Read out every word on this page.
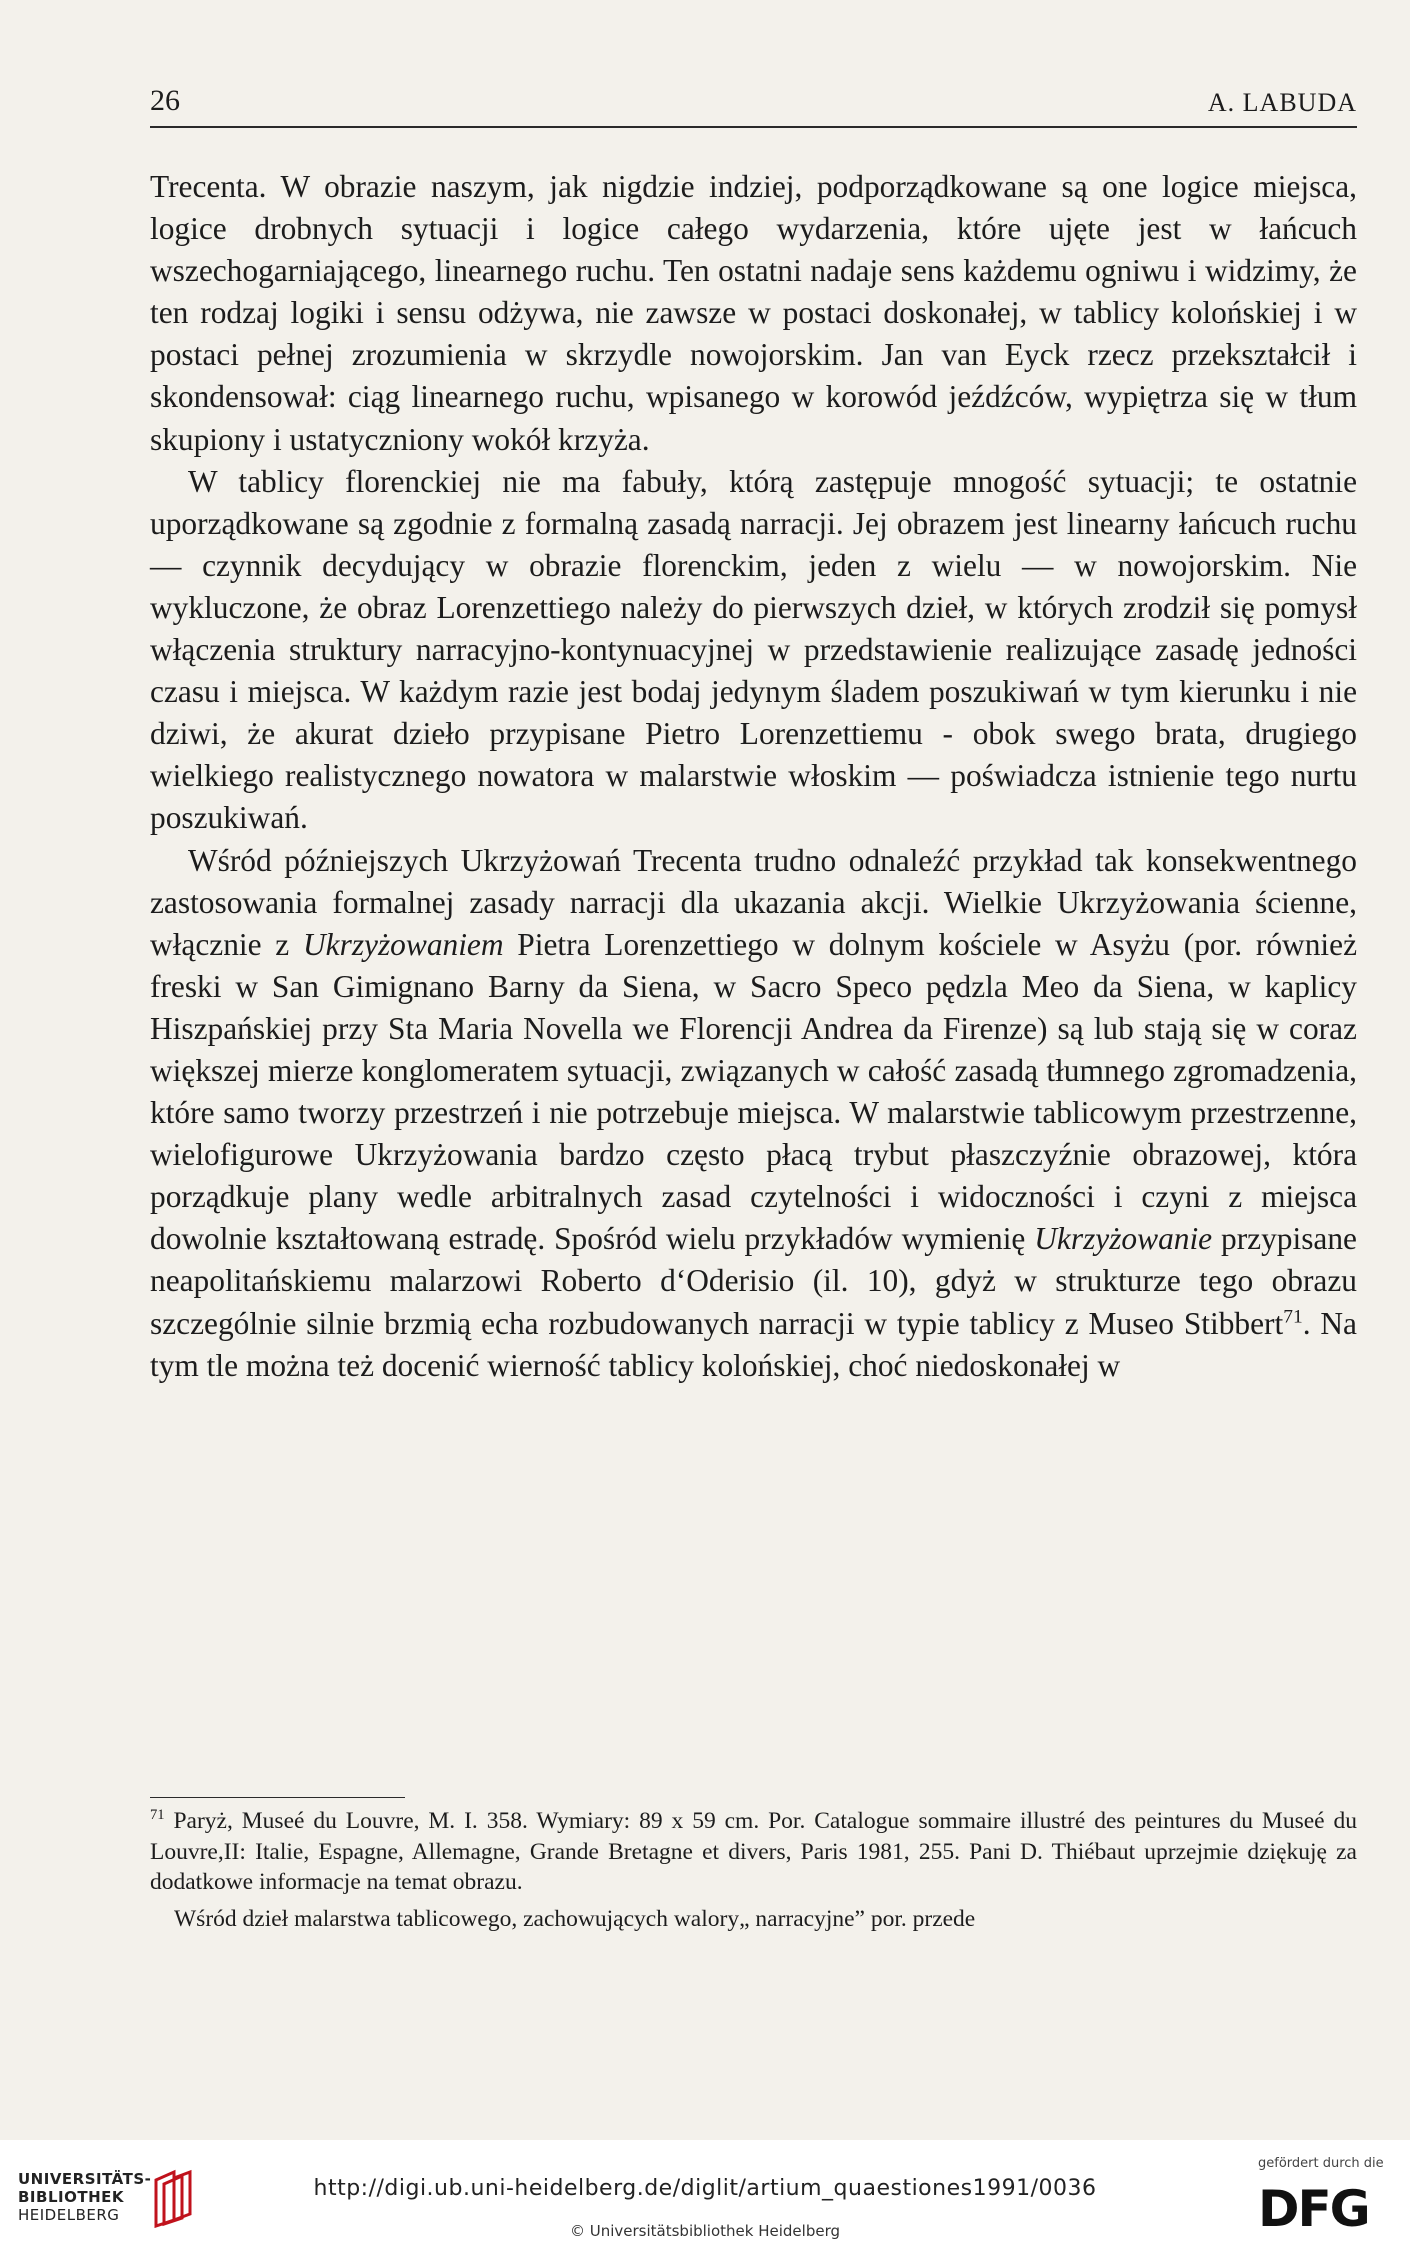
26	A. LABUDA

Trecenta. W obrazie naszym, jak nigdzie indziej, podporządkowane są one logice miejsca, logice drobnych sytuacji i logice całego wydarzenia, które ujęte jest w łańcuch wszechogarniającego, linearnego ruchu. Ten ostatni nadaje sens każdemu ogniwu i widzimy, że ten rodzaj logiki i sensu odżywa, nie zawsze w postaci doskonałej, w tablicy kolońskiej i w postaci pełnej zrozumienia w skrzydle nowojorskim. Jan van Eyck rzecz przekształcił i skondensował: ciąg linearnego ruchu, wpisanego w korowód jeźdźców, wypiętrza się w tłum skupiony i ustatyczniony wokół krzyża.

W tablicy florenckiej nie ma fabuły, którą zastępuje mnogość sytuacji; te ostatnie uporządkowane są zgodnie z formalną zasadą narracji. Jej obrazem jest linearny łańcuch ruchu — czynnik decydujący w obrazie florenckim, jeden z wielu — w nowojorskim. Nie wykluczone, że obraz Lorenzettiego należy do pierwszych dzieł, w których zrodził się pomysł włączenia struktury narracyjno-kontynuacyjnej w przedstawienie realizujące zasadę jedności czasu i miejsca. W każdym razie jest bodaj jedynym śladem poszukiwań w tym kierunku i nie dziwi, że akurat dzieło przypisane Pietro Lorenzettiemu - obok swego brata, drugiego wielkiego realistycznego nowatora w malarstwie włoskim — poświadcza istnienie tego nurtu poszukiwań.

Wśród późniejszych Ukrzyżowań Trecenta trudno odnaleźć przykład tak konsekwentnego zastosowania formalnej zasady narracji dla ukazania akcji. Wielkie Ukrzyżowania ścienne, włącznie z Ukrzyżowaniem Pietra Lorenzettiego w dolnym kościele w Asyżu (por. również freski w San Gimignano Barny da Siena, w Sacro Speco pędzla Meo da Siena, w kaplicy Hiszpańskiej przy Sta Maria Novella we Florencji Andrea da Firenze) są lub stają się w coraz większej mierze konglomeratem sytuacji, związanych w całość zasadą tłumnego zgromadzenia, które samo tworzy przestrzeń i nie potrzebuje miejsca. W malarstwie tablicowym przestrzenne, wielofigurowe Ukrzyżowania bardzo często płacą trybut płaszczyźnie obrazowej, która porządkuje plany wedle arbitralnych zasad czytelności i widoczności i czyni z miejsca dowolnie kształtowaną estradę. Spośród wielu przykładów wymienię Ukrzyżowanie przypisane neapolitańskiemu malarzowi Roberto d‘Oderisio (il. 10), gdyż w strukturze tego obrazu szczególnie silnie brzmią echa rozbudowanych narracji w typie tablicy z Museo Stibbert$^{71}$. Na tym tle można też docenić wierność tablicy kolońskiej, choć niedoskonałej w

$^{71}$ Paryż, Museé du Louvre, M. I. 358. Wymiary: 89 x 59 cm. Por. Catalogue sommaire illustré des peintures du Museé du Louvre,II: Italie, Espagne, Allemagne, Grande Bretagne et divers, Paris 1981, 255. Pani D. Thiébaut uprzejmie dziękuję za dodatkowe informacje na temat obrazu.

Wśród dzieł malarstwa tablicowego, zachowujących walory„ narracyjne” por. przede

UNIVERSITÄTS-
BIBLIOTHEK
HEIDELBERG
http://digi.ub.uni-heidelberg.de/diglit/artium_quaestiones1991/0036
© Universitätsbibliothek Heidelberg
gefördert durch die
DFG
